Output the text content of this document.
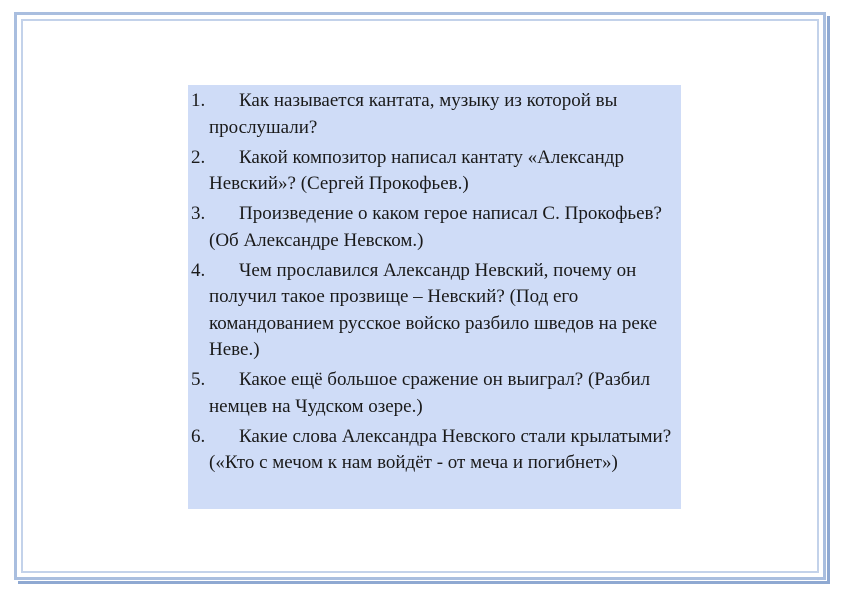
1. Как называется кантата, музыку из которой вы прослушали?
2. Какой композитор написал кантату «Александр Невский»? (Сергей Прокофьев.)
3. Произведение о каком герое написал С. Прокофьев? (Об Александре Невском.)
4. Чем прославился Александр Невский, почему он получил такое прозвище – Невский? (Под его командованием русское войско разбило шведов на реке Неве.)
5. Какое ещё большое сражение он выиграл? (Разбил немцев на Чудском озере.)
6. Какие слова Александра Невского стали крылатыми? («Кто с мечом к нам войдёт - от меча и погибнет»)
